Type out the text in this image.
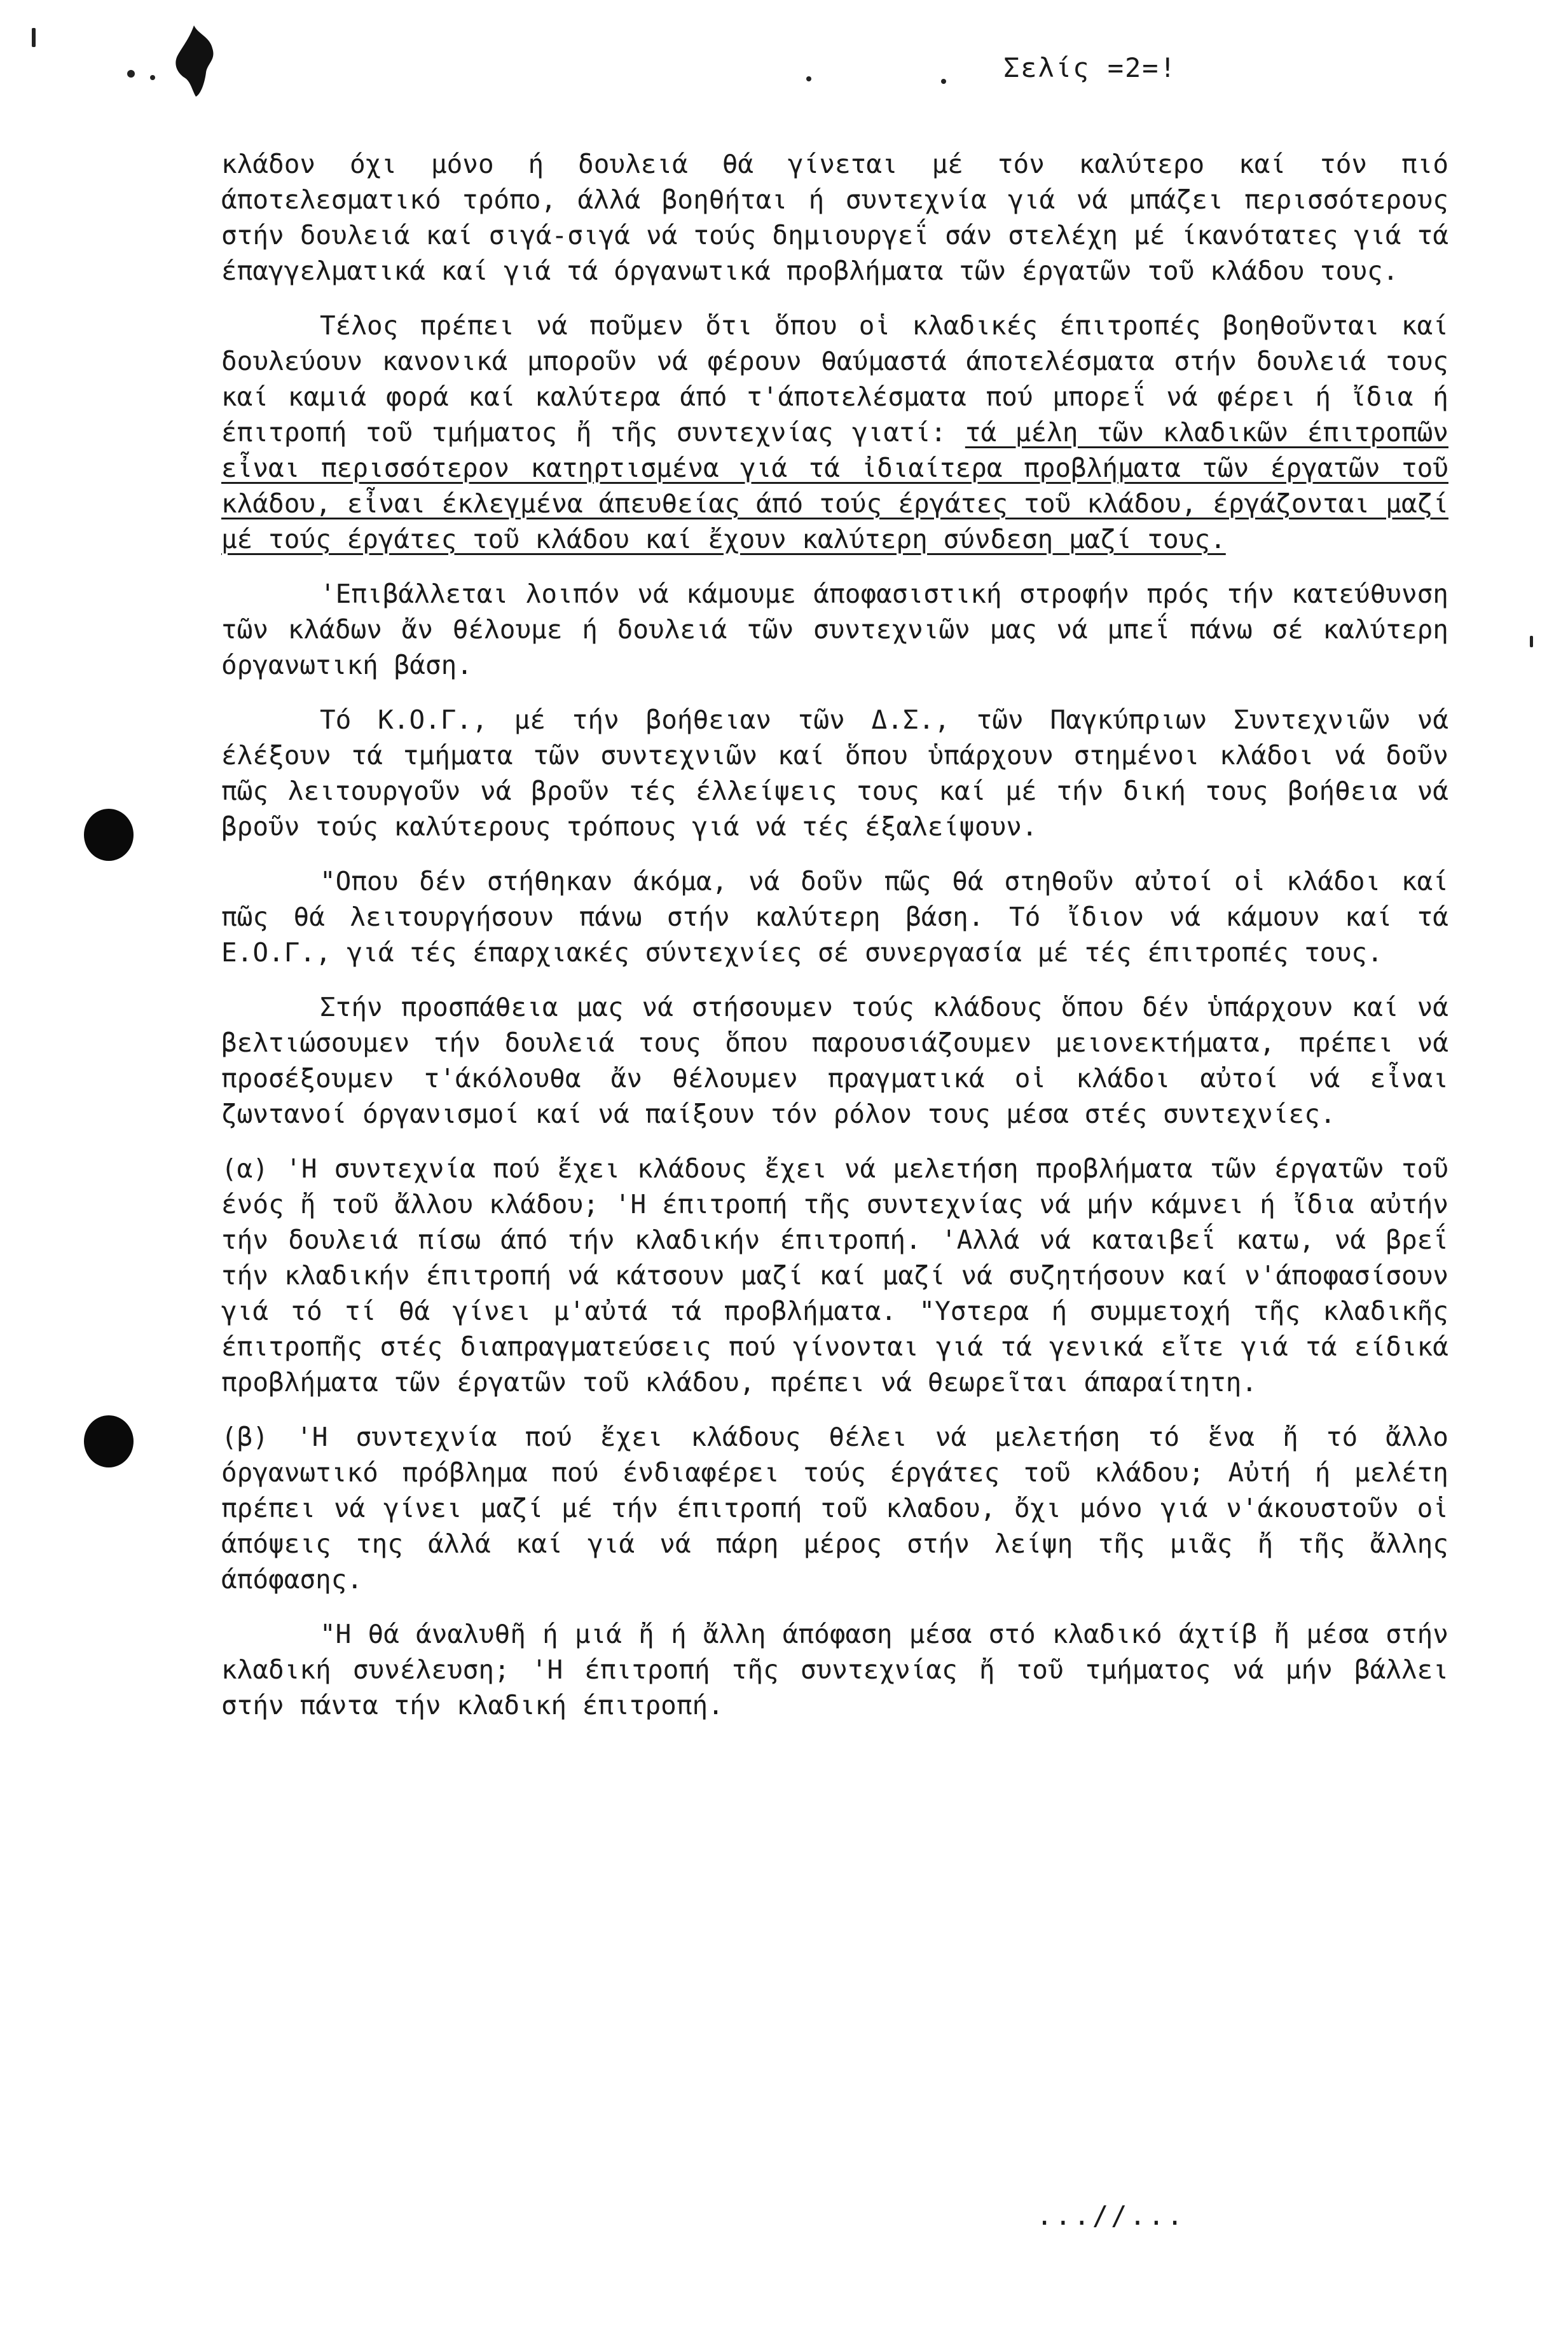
Σελίς =2=!

κλάδον όχι μόνο ή δουλειά θά γίνεται μέ τόν καλύτερο καί τόν πιό άποτελεσματικό τρόπο, άλλά βοηθήται ή συντεχνία γιά νά μπάζει περισσότερους στήν δουλειά καί σιγά-σιγά νά τούς δημιουργεΐ σάν στελέχη μέ ίκανότατες γιά τά έπαγγελματικά καί γιά τά όργανωτικά προβλήματα τῶν έργατῶν τοῦ κλάδου τους.

Τέλος πρέπει νά ποῦμεν ὅτι ὅπου οἱ κλαδικές έπιτροπές βοηθοῦνται καί δουλεύουν κανονικά μποροῦν νά φέρουν θαύμαστά άποτελέσματα στήν δουλειά τους καί καμιά φορά καί καλύτερα άπό τ'άποτελέσματα πού μπορεΐ νά φέρει ή ἴδια ή έπιτροπή τοῦ τμήματος ἤ τῆς συντεχνίας γιατί: τά μέλη τῶν κλαδικῶν έπιτροπῶν εἶναι περισσότερον κατηρτισμένα γιά τά ἰδιαίτερα προβλήματα τῶν έργατῶν τοῦ κλάδου, εἶναι έκλεγμένα άπευθείας άπό τούς έργάτες τοῦ κλάδου, έργάζονται μαζί μέ τούς έργάτες τοῦ κλάδου καί ἔχουν καλύτερη σύνδεση μαζί τους.

'Επιβάλλεται λοιπόν νά κάμουμε άποφασιστική στροφήν πρός τήν κατεύθυνση τῶν κλάδων ἄν θέλουμε ή δουλειά τῶν συντεχνιῶν μας νά μπεΐ πάνω σέ καλύτερη όργανωτική βάση.

Τό Κ.Ο.Γ., μέ τήν βοήθειαν τῶν Δ.Σ., τῶν Παγκύπριων Συντεχνιῶν νά έλέξουν τά τμήματα τῶν συντεχνιῶν καί ὅπου ὑπάρχουν στημένοι κλάδοι νά δοῦν πῶς λειτουργοῦν νά βροῦν τές έλλείψεις τους καί μέ τήν δική τους βοήθεια νά βροῦν τούς καλύτερους τρόπους γιά νά τές έξαλείψουν.

"Οπου δέν στήθηκαν άκόμα, νά δοῦν πῶς θά στηθοῦν αὐτοί οἱ κλάδοι καί πῶς θά λειτουργήσουν πάνω στήν καλύτερη βάση. Τό ἴδιον νά κάμουν καί τά Ε.Ο.Γ., γιά τές έπαρχιακές σύντεχνίες σέ συνεργασία μέ τές έπιτροπές τους.

Στήν προσπάθεια μας νά στήσουμεν τούς κλάδους ὅπου δέν ὑπάρχουν καί νά βελτιώσουμεν τήν δουλειά τους ὅπου παρουσιάζουμεν μειονεκτήματα, πρέπει νά προσέξουμεν τ'άκόλουθα ἄν θέλουμεν πραγματικά οἱ κλάδοι αὐτοί νά εἶναι ζωντανοί όργανισμοί καί νά παίξουν τόν ρόλον τους μέσα στές συντεχνίες.

(α) 'Η συντεχνία πού ἔχει κλάδους ἔχει νά μελετήση προβλήματα τῶν έργατῶν τοῦ ένός ἤ τοῦ ἄλλου κλάδου; 'Η έπιτροπή τῆς συντεχνίας νά μήν κάμνει ή ἴδια αὐτήν τήν δουλειά πίσω άπό τήν κλαδικήν έπιτροπή. 'Αλλά νά καταιβεΐ κατω, νά βρεΐ τήν κλαδικήν έπιτροπή νά κάτσουν μαζί καί μαζί νά συζητήσουν καί ν'άποφασίσουν γιά τό τί θά γίνει μ'αὐτά τά προβλήματα. "Υστερα ή συμμετοχή τῆς κλαδικῆς έπιτροπῆς στές διαπραγματεύσεις πού γίνονται γιά τά γενικά εἴτε γιά τά είδικά προβλήματα τῶν έργατῶν τοῦ κλάδου, πρέπει νά θεωρεῖται άπαραίτητη.

(β) 'Η συντεχνία πού ἔχει κλάδους θέλει νά μελετήση τό ἕνα ἤ τό ἄλλο όργανωτικό πρόβλημα πού ένδιαφέρει τούς έργάτες τοῦ κλάδου; Αὐτή ή μελέτη πρέπει νά γίνει μαζί μέ τήν έπιτροπή τοῦ κλαδου, ὄχι μόνο γιά ν'άκουστοῦν οἱ άπόψεις της άλλά καί γιά νά πάρη μέρος στήν λείψη τῆς μιᾶς ἤ τῆς ἄλλης άπόφασης.

"Η θά άναλυθῆ ή μιά ἤ ή ἄλλη άπόφαση μέσα στό κλαδικό άχτίβ ἤ μέσα στήν κλαδική συνέλευση; 'Η έπιτροπή τῆς συντεχνίας ἤ τοῦ τμήματος νά μήν βάλλει στήν πάντα τήν κλαδική έπιτροπή.

...//...
